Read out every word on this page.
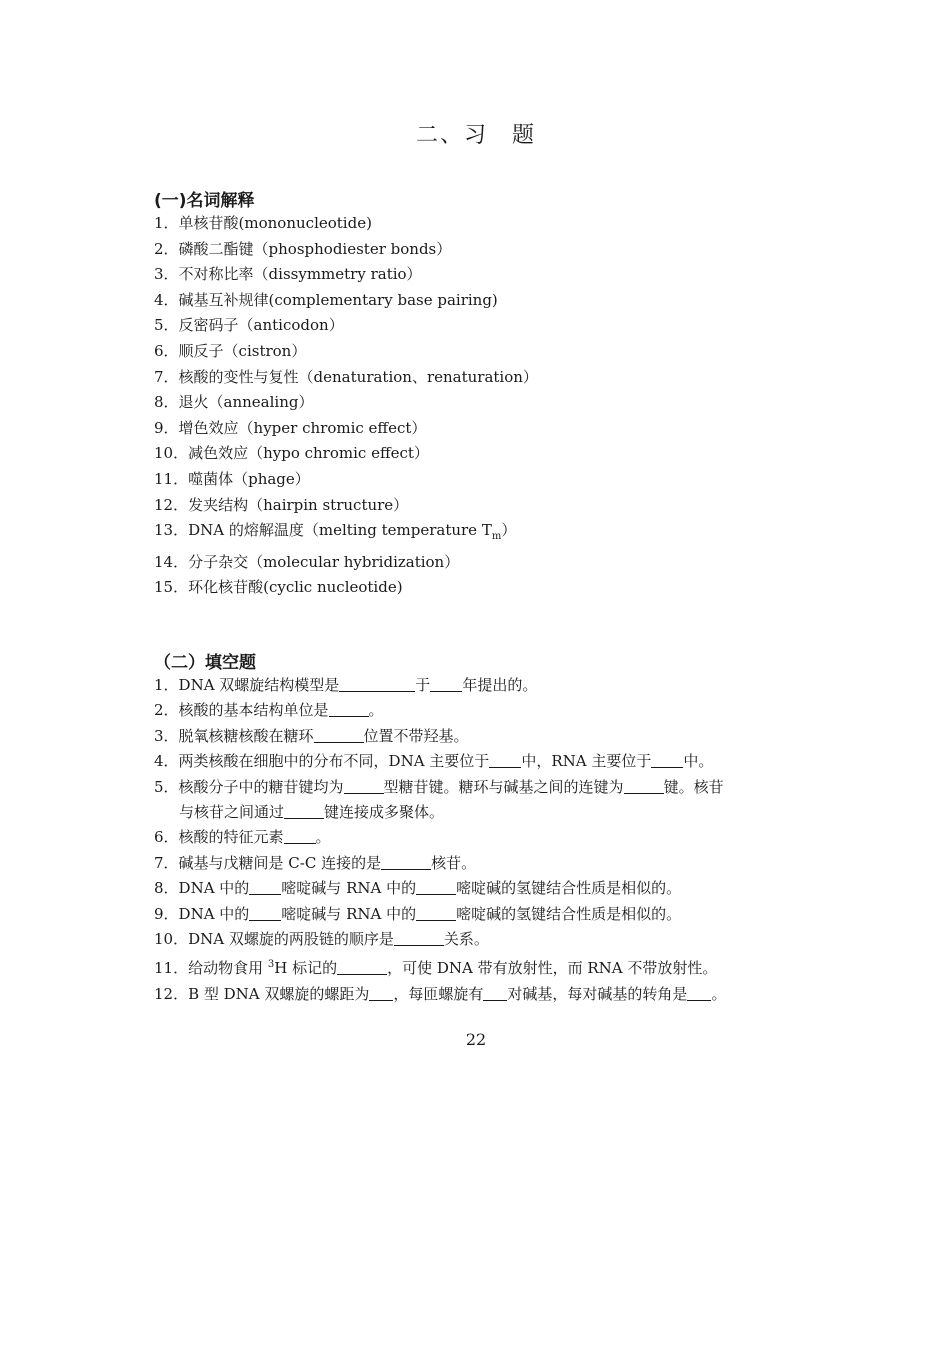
二、习　题
(一)名词解释
1．单核苷酸(mononucleotide)
2．磷酸二酯键（phosphodiester bonds）
3．不对称比率（dissymmetry ratio）
4．碱基互补规律(complementary base pairing)
5．反密码子（anticodon）
6．顺反子（cistron）
7．核酸的变性与复性（denaturation、renaturation）
8．退火（annealing）
9．增色效应（hyper chromic effect）
10．减色效应（hypo chromic effect）
11．噬菌体（phage）
12．发夹结构（hairpin structure）
13．DNA 的熔解温度（melting temperature $T_m$）
14．分子杂交（molecular hybridization）
15．环化核苷酸(cyclic nucleotide)
（二）填空题
1．DNA 双螺旋结构模型是	于 年提出的。
2．核酸的基本结构单位是	。
3．脱氧核糖核酸在糖环	位置不带羟基。
4．两类核酸在细胞中的分布不同，DNA 主要位于 中，RNA 主要位于 中。
5．核酸分子中的糖苷键均为	型糖苷键。糖环与碱基之间的连键为	键。核苷
与核苷之间通过	键连接成多聚体。
6．核酸的特征元素 。
7．碱基与戊糖间是 C-C 连接的是	核苷。
8．DNA 中的 嘧啶碱与 RNA 中的	嘧啶碱的氢键结合性质是相似的。
9．DNA 中的 嘧啶碱与 RNA 中的	嘧啶碱的氢键结合性质是相似的。
10．DNA 双螺旋的两股链的顺序是	关系。
11．给动物食用 $^3$H 标记的	，可使 DNA 带有放射性，而 RNA 不带放射性。
12．B 型 DNA 双螺旋的螺距为 ，每匝螺旋有 对碱基，每对碱基的转角是 。
22
